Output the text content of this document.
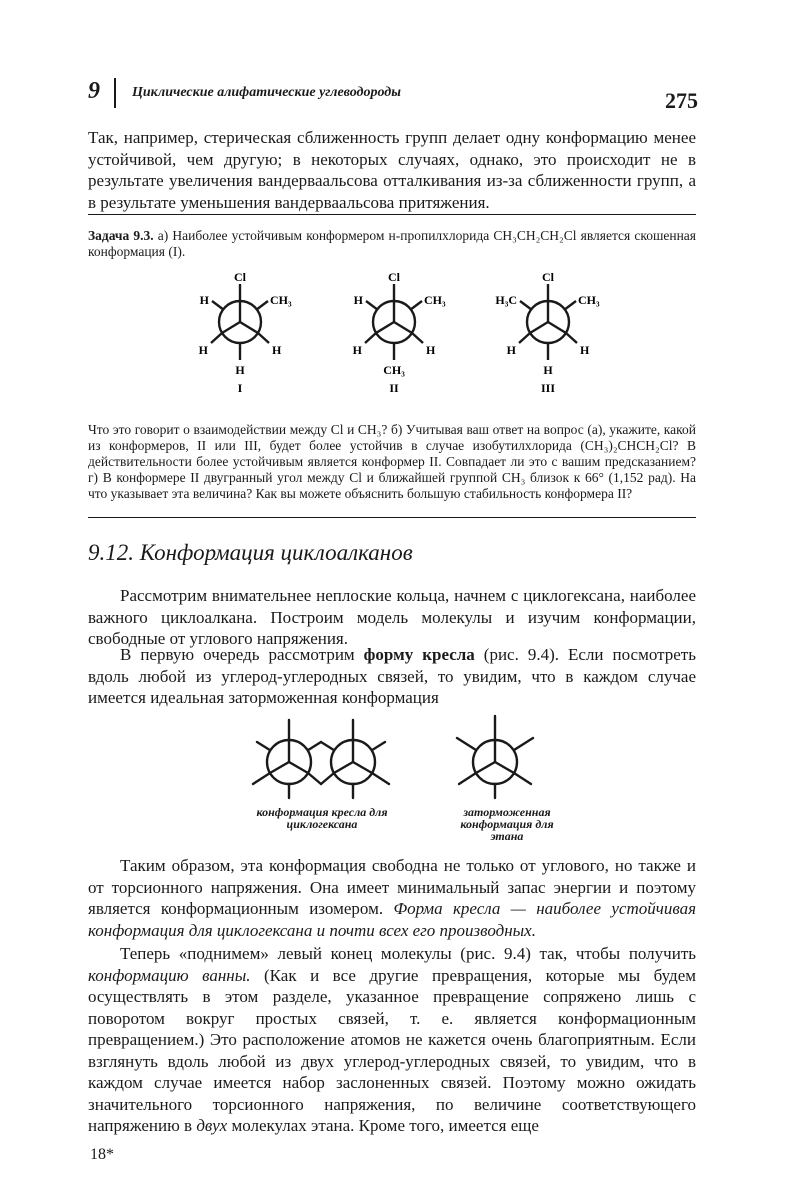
9 Циклические алифатические углеводороды	275

Так, например, стерическая сближенность групп делает одну конформацию менее устойчивой, чем другую; в некоторых случаях, однако, это происходит не в результате увеличения вандерваальсова отталкивания из-за сближенности групп, а в результате уменьшения вандерваальсова притяжения.

Задача 9.3. а) Наиболее устойчивым конформером н-пропилхлорида CH₃CH₂CH₂Cl является скошенная конформация (I).

Cl
H	CH₃
H	H
H
I
Cl
H	CH₃
H	H
CH₃
II
Cl
H₃C	CH₃
H	H
H
III

Что это говорит о взаимодействии между Cl и CH₃? б) Учитывая ваш ответ на вопрос (а), укажите, какой из конформеров, II или III, будет более устойчив в случае изобутилхлорида (CH₃)₂CHCH₂Cl? В действительности более устойчивым является конформер II. Совпадает ли это с вашим предсказанием? г) В конформере II двугранный угол между Cl и ближайшей группой CH₃ близок к 66° (1,152 рад). На что указывает эта величина? Как вы можете объяснить большую стабильность конформера II?

9.12. Конформация циклоалканов

Рассмотрим внимательнее неплоские кольца, начнем с циклогексана, наиболее важного циклоалкана. Построим модель молекулы и изучим конформации, свободные от углового напряжения.

В первую очередь рассмотрим форму кресла (рис. 9.4). Если посмотреть вдоль любой из углерод-углеродных связей, то увидим, что в каждом случае имеется идеальная заторможенная конформация

конформация кресла для циклогексана
заторможенная конформация для этана

Таким образом, эта конформация свободна не только от углового, но также и от торсионного напряжения. Она имеет минимальный запас энергии и поэтому является конформационным изомером. Форма кресла — наиболее устойчивая конформация для циклогексана и почти всех его производных.

Теперь «поднимем» левый конец молекулы (рис. 9.4) так, чтобы получить конформацию ванны. (Как и все другие превращения, которые мы будем осуществлять в этом разделе, указанное превращение сопряжено лишь с поворотом вокруг простых связей, т. е. является конформационным превращением.) Это расположение атомов не кажется очень благоприятным. Если взглянуть вдоль любой из двух углерод-углеродных связей, то увидим, что в каждом случае имеется набор заслоненных связей. Поэтому можно ожидать значительного торсионного напряжения, по величине соответствующего напряжению в двух молекулах этана. Кроме того, имеется еще

18*
